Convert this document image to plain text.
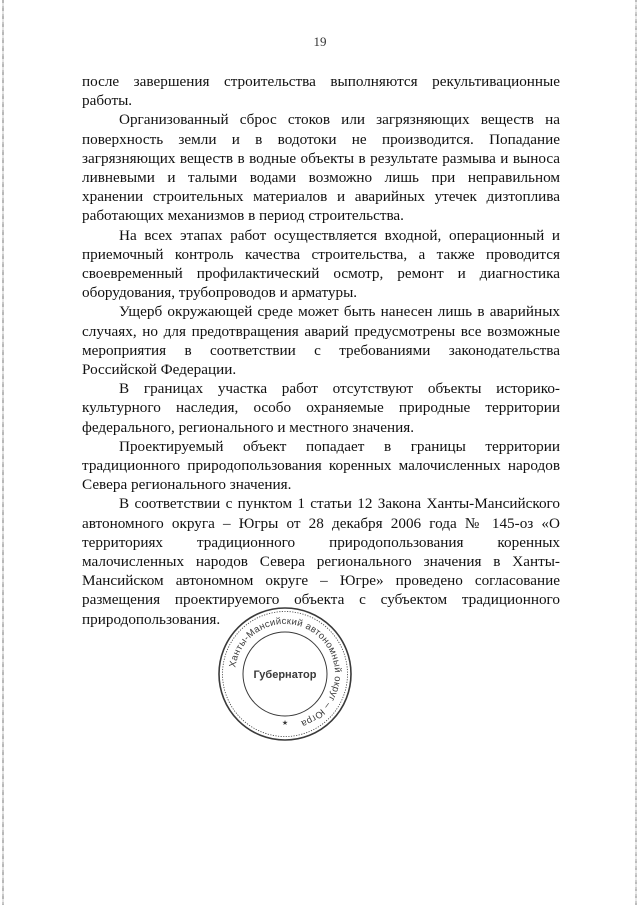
19

после завершения строительства выполняются рекультивационные работы.

Организованный сброс стоков или загрязняющих веществ на поверхность земли и в водотоки не производится. Попадание загрязняющих веществ в водные объекты в результате размыва и выноса ливневыми и талыми водами возможно лишь при неправильном хранении строительных материалов и аварийных утечек дизтоплива работающих механизмов в период строительства.

На всех этапах работ осуществляется входной, операционный и приемочный контроль качества строительства, а также проводится своевременный профилактический осмотр, ремонт и диагностика оборудования, трубопроводов и арматуры.

Ущерб окружающей среде может быть нанесен лишь в аварийных случаях, но для предотвращения аварий предусмотрены все возможные мероприятия в соответствии с требованиями законодательства Российской Федерации.

В границах участка работ отсутствуют объекты историко-культурного наследия, особо охраняемые природные территории федерального, регионального и местного значения.

Проектируемый объект попадает в границы территории традиционного природопользования коренных малочисленных народов Севера регионального значения.

В соответствии с пунктом 1 статьи 12 Закона Ханты-Мансийского автономного округа – Югры от 28 декабря 2006 года № 145-оз «О территориях традиционного природопользования коренных малочисленных народов Севера регионального значения в Ханты-Мансийском автономном округе – Югре» проведено согласование размещения проектируемого объекта с субъектом традиционного природопользования.

Ханты-Мансийский автономный округ – Югра
Губернатор
★
